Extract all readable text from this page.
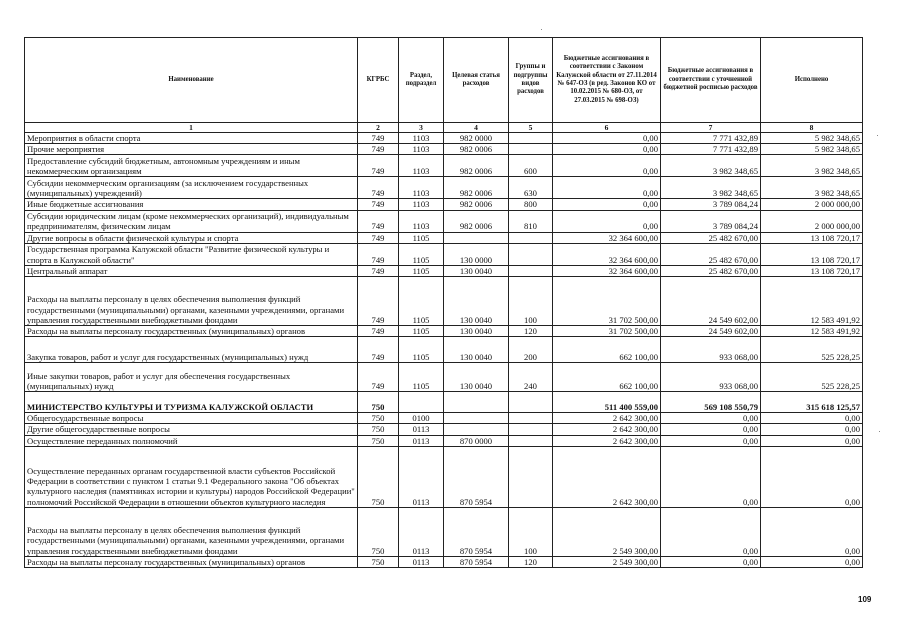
Наименование	КГРБС	Раздел, подраздел	Целевая статья расходов	Группы и подгруппы видов расходов	Бюджетные ассигнования в соответствии с Законом Калужской области от 27.11.2014 № 647-ОЗ (в ред. Законов КО от 10.02.2015 № 680-ОЗ, от 27.03.2015 № 698-ОЗ)	Бюджетные ассигнования в соответствии с уточненной бюджетной росписью расходов	Исполнено
1	2	3	4	5	6	7	8
Мероприятия в области спорта	749	1103	982 0000		0,00	7 771 432,89	5 982 348,65
Прочие мероприятия	749	1103	982 0006		0,00	7 771 432,89	5 982 348,65
Предоставление субсидий бюджетным, автономным учреждениям и иным некоммерческим организациям	749	1103	982 0006	600	0,00	3 982 348,65	3 982 348,65
Субсидии некоммерческим организациям (за исключением государственных (муниципальных) учреждений)	749	1103	982 0006	630	0,00	3 982 348,65	3 982 348,65
Иные бюджетные ассигнования	749	1103	982 0006	800	0,00	3 789 084,24	2 000 000,00
Субсидии юридическим лицам (кроме некоммерческих организаций), индивидуальным предпринимателям, физическим лицам	749	1103	982 0006	810	0,00	3 789 084,24	2 000 000,00
Другие вопросы в области физической культуры и спорта	749	1105			32 364 600,00	25 482 670,00	13 108 720,17
Государственная программа Калужской области "Развитие физической культуры и спорта в Калужской области"	749	1105	130 0000		32 364 600,00	25 482 670,00	13 108 720,17
Центральный аппарат	749	1105	130 0040		32 364 600,00	25 482 670,00	13 108 720,17
Расходы на выплаты персоналу в целях обеспечения выполнения функций государственными (муниципальными) органами, казенными учреждениями, органами управления государственными внебюджетными фондами	749	1105	130 0040	100	31 702 500,00	24 549 602,00	12 583 491,92
Расходы на выплаты персоналу государственных (муниципальных) органов	749	1105	130 0040	120	31 702 500,00	24 549 602,00	12 583 491,92
Закупка товаров, работ и услуг для государственных (муниципальных) нужд	749	1105	130 0040	200	662 100,00	933 068,00	525 228,25
Иные закупки товаров, работ и услуг для обеспечения государственных (муниципальных) нужд	749	1105	130 0040	240	662 100,00	933 068,00	525 228,25
МИНИСТЕРСТВО КУЛЬТУРЫ И ТУРИЗМА КАЛУЖСКОЙ ОБЛАСТИ	750				511 400 559,00	569 108 550,79	315 618 125,57
Общегосударственные вопросы	750	0100			2 642 300,00	0,00	0,00
Другие общегосударственные вопросы	750	0113			2 642 300,00	0,00	0,00
Осуществление переданных полномочий	750	0113	870 0000		2 642 300,00	0,00	0,00
Осуществление переданных органам государственной власти субъектов Российской Федерации в соответствии с пунктом 1 статьи 9.1 Федерального закона "Об объектах культурного наследия (памятниках истории и культуры) народов Российской Федерации" полномочий Российской Федерации в отношении объектов культурного наследия	750	0113	870 5954		2 642 300,00	0,00	0,00
Расходы на выплаты персоналу в целях обеспечения выполнения функций государственными (муниципальными) органами, казенными учреждениями, органами управления государственными внебюджетными фондами	750	0113	870 5954	100	2 549 300,00	0,00	0,00
Расходы на выплаты персоналу государственных (муниципальных) органов	750	0113	870 5954	120	2 549 300,00	0,00	0,00
109
·
·
·
